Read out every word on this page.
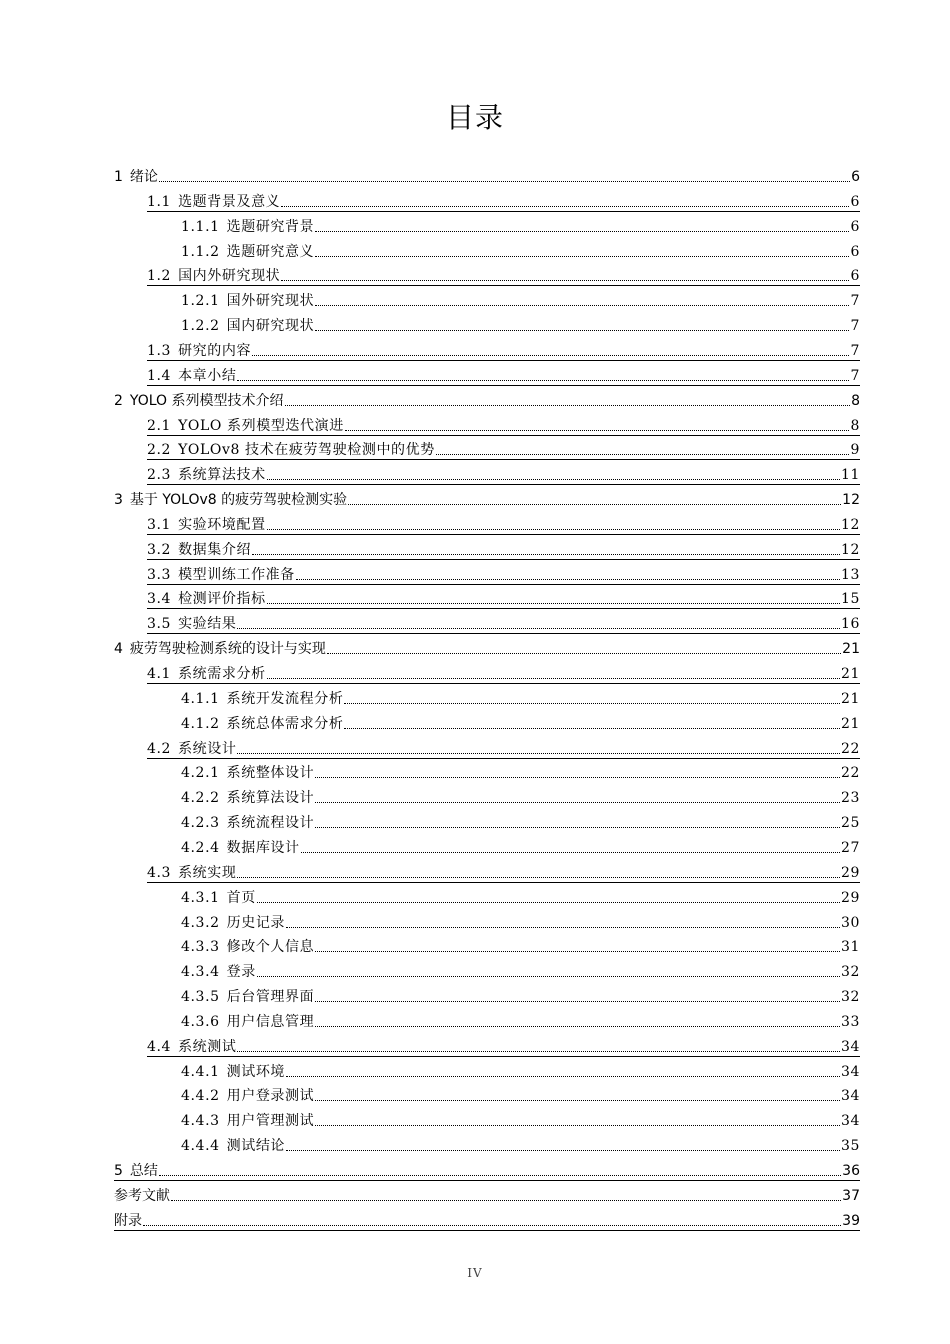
目录
1 绪论	6
1.1 选题背景及意义	6
1.1.1 选题研究背景	6
1.1.2 选题研究意义	6
1.2 国内外研究现状	6
1.2.1 国外研究现状	7
1.2.2 国内研究现状	7
1.3 研究的内容	7
1.4 本章小结	7
2 YOLO 系列模型技术介绍	8
2.1 YOLO 系列模型迭代演进	8
2.2 YOLOv8 技术在疲劳驾驶检测中的优势	9
2.3 系统算法技术	11
3 基于 YOLOv8 的疲劳驾驶检测实验	12
3.1 实验环境配置	12
3.2 数据集介绍	12
3.3 模型训练工作准备	13
3.4 检测评价指标	15
3.5 实验结果	16
4 疲劳驾驶检测系统的设计与实现	21
4.1 系统需求分析	21
4.1.1 系统开发流程分析	21
4.1.2 系统总体需求分析	21
4.2 系统设计	22
4.2.1 系统整体设计	22
4.2.2 系统算法设计	23
4.2.3 系统流程设计	25
4.2.4 数据库设计	27
4.3 系统实现	29
4.3.1 首页	29
4.3.2 历史记录	30
4.3.3 修改个人信息	31
4.3.4 登录	32
4.3.5 后台管理界面	32
4.3.6 用户信息管理	33
4.4 系统测试	34
4.4.1 测试环境	34
4.4.2 用户登录测试	34
4.4.3 用户管理测试	34
4.4.4 测试结论	35
5 总结	36
参考文献	37
附录	39
IV
